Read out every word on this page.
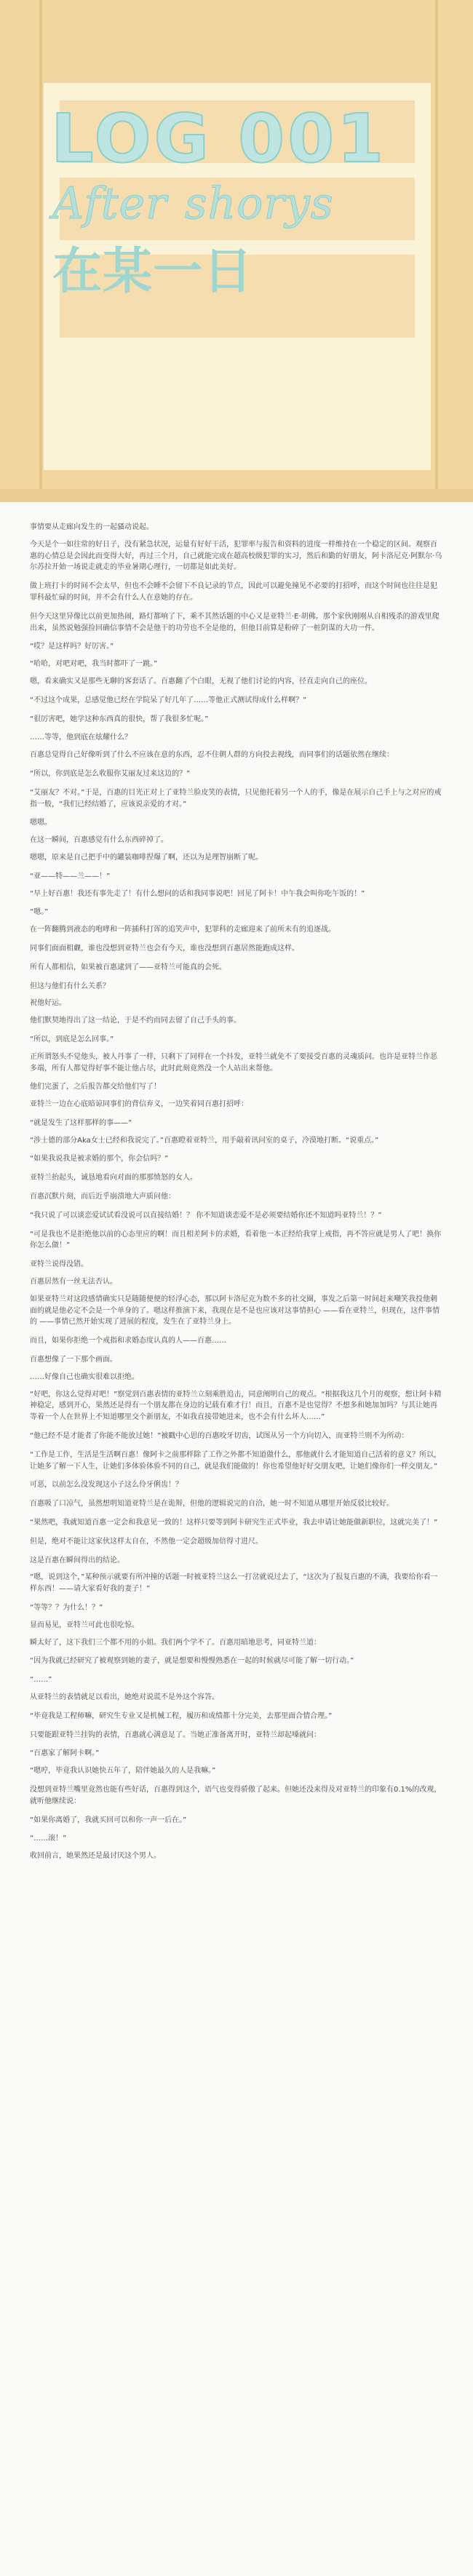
LOG 001
After shorys
在某一日

事情要从走廊向发生的一起骚动说起。

今天是个一如往常的好日子，没有紧急状况，运量有好好干活，犯罪率与报告和资料的进度一样维持在一个稳定的区间。观察百惠的心情总是会因此而变得大好，再过三个月，自己就能完成在超高校级犯罪的实习，然后和勤的好朋友，阿卡洛尼克·阿默尔·乌尔苏拉开始一场说走就走的毕业暑期心理行，一切都是如此美好。

做上班打卡的时间不会太早，但也不会睡不会留下不良记录的节点，因此可以避免撞见不必要的打招呼，而这个时间也往往是犯罪科最忙碌的时间，并不会有什么人在意她的存在。

但今天这里异像比以前更加热闹，路灯都响了下，乘不其然话题的中心又是亚特兰·E·胡佛。那个家伙刚刚从自相残杀的游戏里爬出来，虽然说勉强捡回确信事情不会是他干的功劳也不全是他的，但他目前算是粉碎了一桩阴谋的大功一件。

“哎？是这样吗？好厉害。”

“哈哈，对吧对吧，我当时都吓了一跳。”

嗯，看来确实又是那些无聊的客套话了。百惠翻了个白眼，无视了他们讨论的内容，径直走向自己的座位。

“不过这个成果，总感觉他已经在学院呆了好几年了……等他正式测试得成什么样啊？”

“很厉害吧，她学这种东西真的很快，帮了我很多忙呢。”

……等等，他到底在炫耀什么？

百惠总觉得自己好像听到了什么不应该在意的东西，忍不住朝人群的方向投去视线，而同事们的话题依然在继续：

“所以，你到底是怎么收服你艾丽友过来这边的？”

“艾丽友？不对。”于是，百惠的目光正对上了亚特兰脸皮笑的表情，只见他托着另一个人的手，像是在展示自己手上与之对应的戒指一般，“我们已经结婚了，应该说亲爱的才对。”

嗯嗯。

在这一瞬间，百惠感觉有什么东西碎掉了。

嗯嗯，原来是自己把手中的罐装咖啡捏爆了啊，还以为是理智崩断了呢。

“亚——特——兰——！”

“早上好百惠！我还有事先走了！有什么想问的话和我同事说吧！回见了阿卡！中午我会叫你吃午饭的！”

“嗯。”

在一阵翻腾到液态的咆哮和一阵插科打诨的追笑声中，犯罪科的走廊迎来了前所未有的追逐战。

同事们面面相觑，谁也没想到亚特兰也会有今天，谁也没想到百惠居然能跑成这样。

所有人都相信，如果被百惠逮到了——亚特兰可能真的会死。

但这与他们有什么关系？

祝他好运。

他们默契地得出了这一结论，于是不约而同去留了自己手头的事。

“所以，到底是怎么回事。”

正所谓怒头不觉他头，被人丹事了一样，只剩下了同样在一个抖发，亚特兰就免不了要接受百惠的灵魂质问。也许是亚特兰作恶多端，所有人都觉得好事不能让他占尽，此时此刻竟然没一个人站出来帮他。

他们完蛋了，之后报告都交给他们写了！

亚特兰一边在心底暗谅同事们的背信弃义，一边笑着同百惠打招呼：

“就是发生了这样那样的事——”

“涉士德的部分Aka女士已经和我说完了。”百惠瞪着亚特兰，用手敲着讯问室的桌子，冷漠地打断。“说重点。”

“如果我说我是被求婚的那个，你会信吗？”

亚特兰抬起头，诚恳地看向对面的那那愤怒的女人。

百惠沉默片刻，而后近乎崩溃地大声质问他：

“我只说了可以谈恋爱试试看没说可以直接结婚！？ 你不知道谈恋爱不是必须要结婚你还不知道吗亚特兰！？”

“可是我也不是拒绝他以前的心态里应的啊！而且相差阿卡的求婚，看着他一本正经给我穿上戒指，再不答应就是男人了吧！换你你怎么做！”

亚特兰说得没错。

百惠居然有一丝无法否认。

如果亚特兰对这段感情确实只是随随便便的轻浮心态，那以阿卡洛尼克为数不多的社交圈，事发之后第一时间赶来嘲笑我投他刺面的就是他必定不会是一个单身的了。嗯这样推演下来，我现在是不是也应该对这事情担心 ——看在亚特兰，但现在，这件事情的 ——事情已然开始实现了进展的程度，发生在了亚特兰身上。

而且，如果你拒绝一个戒指和求婚态度认真的人——百惠……

百惠想像了一下那个画面。

……好像自己也确实很难以拒绝。

“好吧，你这么觉得对吧！”察觉到百惠表情的亚特兰立刻乘胜追击，同意阐明自己的观点。“根据我这几个月的观察，想让阿卡精神稳定，感到开心，果然还是得有一个朋友都在身边的记载有难才行！而且，百惠不是也觉得？不想多和她加加吗？与其让她再等着一个人在世界上不知道哪里交个新朋友，不如我直接带她进来，也不会有什么坏人……”

“他已经不是才能者了你能不能放过她！”被戳中心思的百惠咬牙切齿，试图从另一个方向切入，而亚特兰则不为所动：

“工作是工作，生活是生活啊百惠！像阿卡之前那样除了工作之外都不知道做什么，那他就什么才能知道自己活着的意义？所以，让她多了解一下人生，让她们多体验体验不同的自己，就是我们能做的！你也希望他好好交朋友吧，让她们像你们一样交朋友。”

可恶，以前怎么没发现这小子这么伶牙俐齿！？

百惠吸了口凉气，虽然想明知道亚特兰是在诡辩，但他的逻辑说完的自洽，她一时不知道从哪里开始反驳比较好。

“果然吧，我就知道百惠一定会和我意见一致的！这样只要等到阿卡研究生正式毕业，我去申请让她能做新职位，这就完美了！”

但是，绝对不能让这家伙这样太自在，不然他一定会超级加倍得寸进尺。

这是百惠在瞬间得出的结论。

“嗯，说到这个，”某种预示就要有所冲撞的话题一时被亚特兰这么一打岔就说过去了，“这次为了报复百惠的不满，我要给你看一样东西！——请大家看好我的妻子！”

“等等？？为什么！？”

显而易见，亚特兰可此也很吃惊。

瞬太好了，这下我们三个都不用的小姐。我们两个学不了。百惠用暗地思考，同亚特兰道：

“因为我就已经研究了被观察到她的妻子，就是想要和慢慢熟悉在一起的时候就尽可能了解一切行动。”

“……”

从亚特兰的表情就足以看出，她绝对说谎不是外这个容答。

“毕竟我是工程师嘛，研究生专业又是机械工程，履历和成绩都十分完美，去那里面合情合理。”

只要能跟亚特兰挂钩的表情，百惠就心满意足了。当她正准备离开时，亚特兰却起嗓就问：

“百惠家了解阿卡啊。”

“嗯哼，毕竟我认识她快五年了，陪伴她最久的人是我嘛。”

没想到亚特兰嘴里竟然也能有些好话，百惠得到这个，语气也变得骄傲了起来。但她还没来得及对亚特兰的印象有0.1%的改观，就听他继续说：

“如果你离婚了，我就买回可以和你一声一后在。”

“……滚！”

收回前言，她果然还是最讨厌这个男人。
